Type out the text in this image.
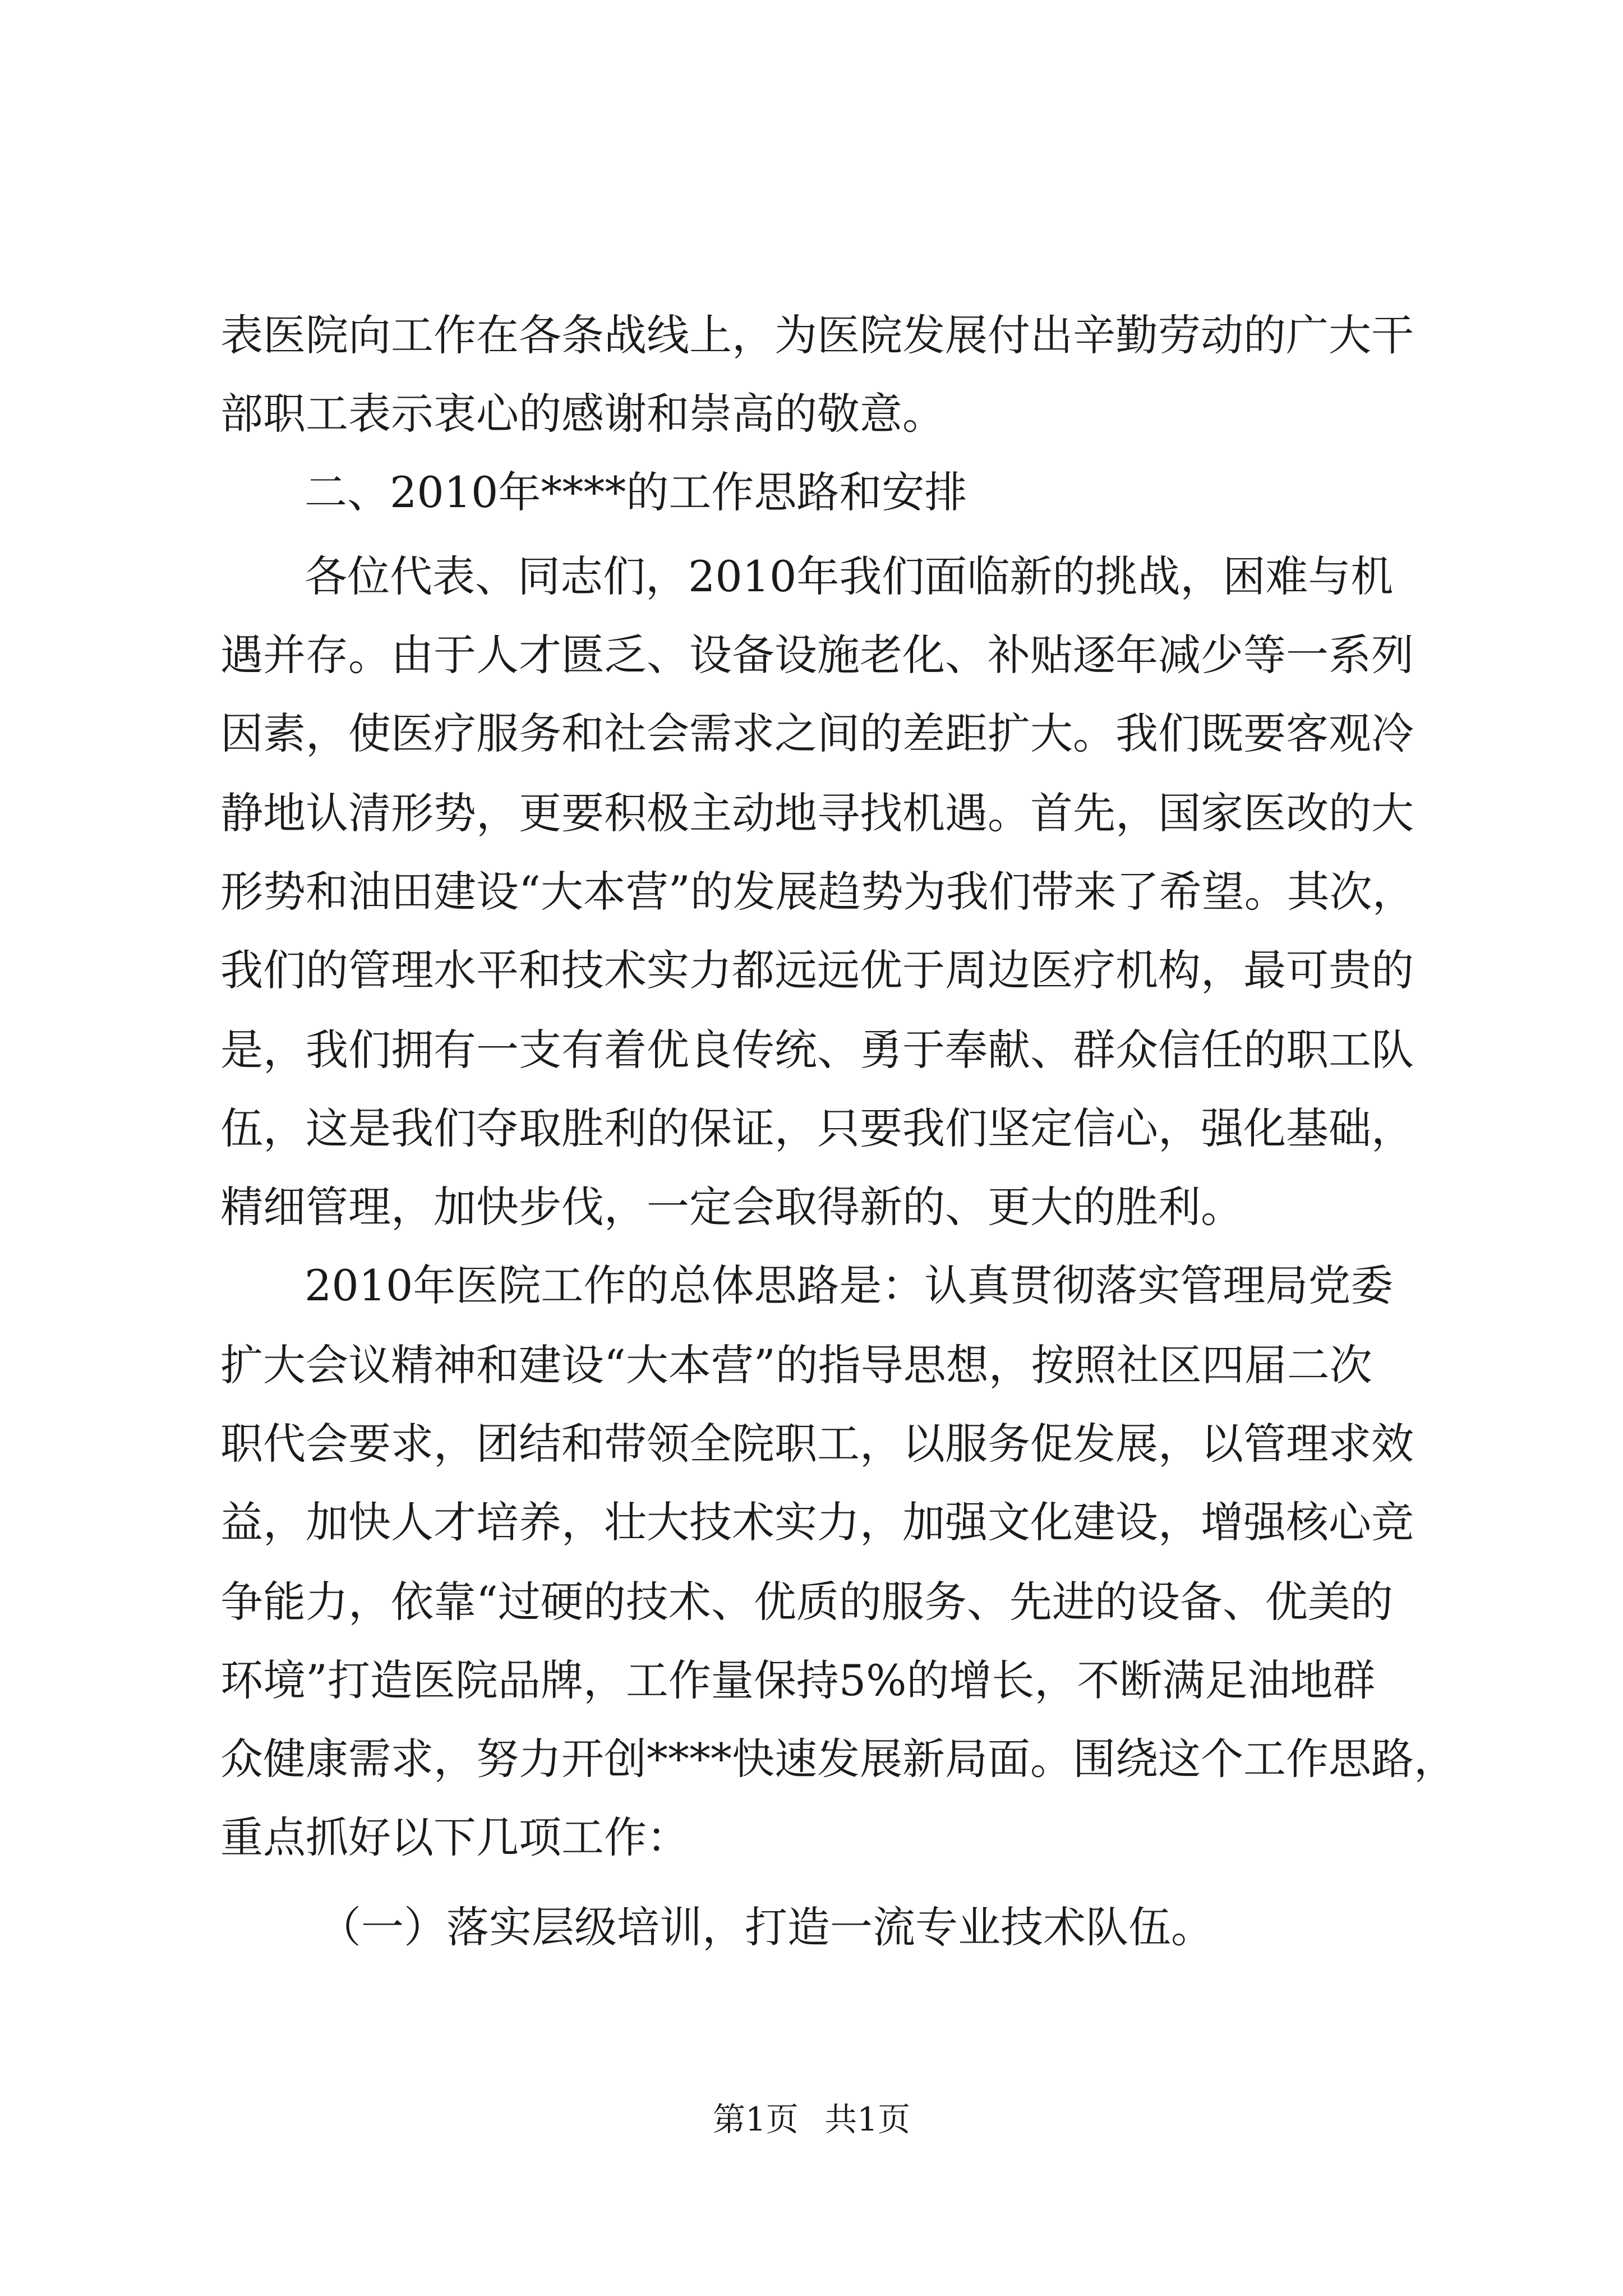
表医院向工作在各条战线上，为医院发展付出辛勤劳动的广大干
部职工表示衷心的感谢和崇高的敬意。
二、2010年****的工作思路和安排
各位代表、同志们，2010年我们面临新的挑战，困难与机
遇并存。由于人才匮乏、设备设施老化、补贴逐年减少等一系列
因素，使医疗服务和社会需求之间的差距扩大。我们既要客观冷
静地认清形势，更要积极主动地寻找机遇。首先，国家医改的大
形势和油田建设“大本营”的发展趋势为我们带来了希望。其次，
我们的管理水平和技术实力都远远优于周边医疗机构，最可贵的
是，我们拥有一支有着优良传统、勇于奉献、群众信任的职工队
伍，这是我们夺取胜利的保证，只要我们坚定信心，强化基础，
精细管理，加快步伐，一定会取得新的、更大的胜利。
2010年医院工作的总体思路是：认真贯彻落实管理局党委
扩大会议精神和建设“大本营”的指导思想，按照社区四届二次
职代会要求，团结和带领全院职工，以服务促发展，以管理求效
益，加快人才培养，壮大技术实力，加强文化建设，增强核心竞
争能力，依靠“过硬的技术、优质的服务、先进的设备、优美的
环境”打造医院品牌，工作量保持5%的增长，不断满足油地群
众健康需求，努力开创****快速发展新局面。围绕这个工作思路，
重点抓好以下几项工作：
（一）落实层级培训，打造一流专业技术队伍。
第1页 共1页
